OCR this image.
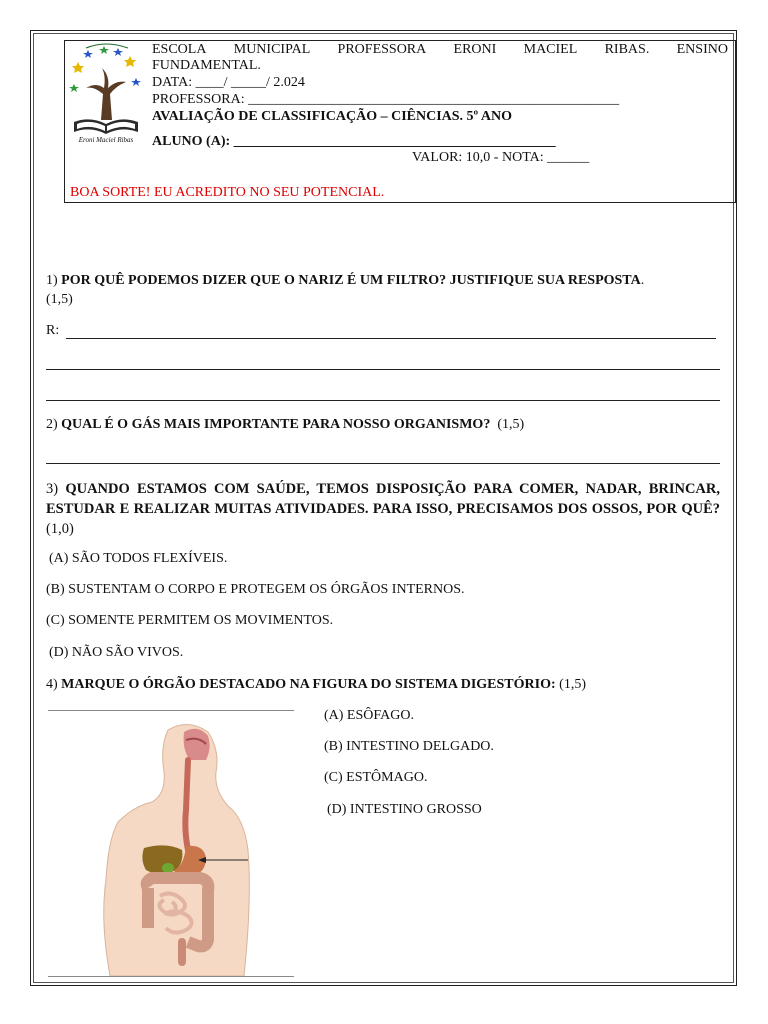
Eroni Maciel Ribas
ESCOLA MUNICIPAL PROFESSORA ERONI MACIEL RIBAS. ENSINO
FUNDAMENTAL.
DATA: ____/ _____/ 2.024
PROFESSORA: _____________________________________________________
AVALIAÇÃO DE CLASSIFICAÇÃO – CIÊNCIAS. 5º ANO
ALUNO (A): ______________________________________________
VALOR: 10,0 - NOTA: ______
BOA SORTE! EU ACREDITO NO SEU POTENCIAL.
1) POR QUÊ PODEMOS DIZER QUE O NARIZ É UM FILTRO? JUSTIFIQUE SUA RESPOSTA.
(1,5)
R:
2) QUAL É O GÁS MAIS IMPORTANTE PARA NOSSO ORGANISMO? (1,5)
3) QUANDO ESTAMOS COM SAÚDE, TEMOS DISPOSIÇÃO PARA COMER, NADAR, BRINCAR, ESTUDAR E REALIZAR MUITAS ATIVIDADES. PARA ISSO, PRECISAMOS DOS OSSOS, POR QUÊ? (1,0)
(A) SÃO TODOS FLEXÍVEIS.
(B) SUSTENTAM O CORPO E PROTEGEM OS ÓRGÃOS INTERNOS.
(C) SOMENTE PERMITEM OS MOVIMENTOS.
(D) NÃO SÃO VIVOS.
4) MARQUE O ÓRGÃO DESTACADO NA FIGURA DO SISTEMA DIGESTÓRIO: (1,5)
(A) ESÔFAGO.
(B) INTESTINO DELGADO.
(C) ESTÔMAGO.
(D) INTESTINO GROSSO
